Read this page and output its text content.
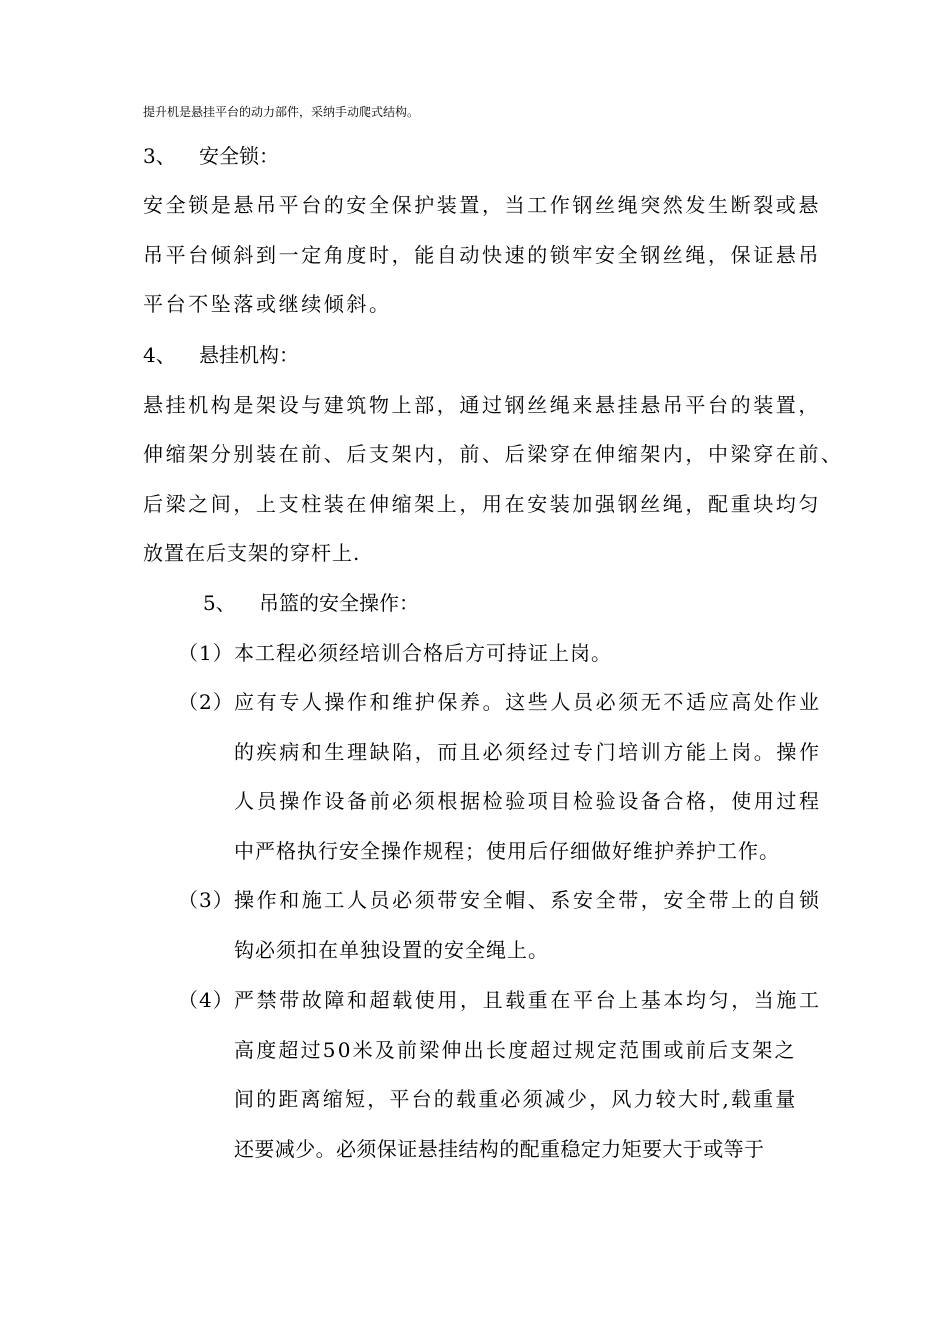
提升机是悬挂平台的动力部件，采纳手动爬式结构。
3、 安全锁：
安全锁是悬吊平台的安全保护装置，当工作钢丝绳突然发生断裂或悬
吊平台倾斜到一定角度时，能自动快速的锁牢安全钢丝绳，保证悬吊
平台不坠落或继续倾斜。
4、 悬挂机构：
悬挂机构是架设与建筑物上部，通过钢丝绳来悬挂悬吊平台的装置，
伸缩架分别装在前、后支架内，前、后梁穿在伸缩架内，中梁穿在前、
后梁之间，上支柱装在伸缩架上，用在安装加强钢丝绳，配重块均匀
放置在后支架的穿杆上.
5、 吊篮的安全操作：
（1） 本工程必须经培训合格后方可持证上岗。
（2） 应有专人操作和维护保养。这些人员必须无不适应高处作业
的疾病和生理缺陷，而且必须经过专门培训方能上岗。操作
人员操作设备前必须根据检验项目检验设备合格，使用过程
中严格执行安全操作规程；使用后仔细做好维护养护工作。
（3） 操作和施工人员必须带安全帽、系安全带，安全带上的自锁
钩必须扣在单独设置的安全绳上。
（4） 严禁带故障和超载使用，且载重在平台上基本均匀，当施工
高度超过50米及前梁伸出长度超过规定范围或前后支架之
间的距离缩短，平台的载重必须减少，风力较大时,载重量
还要减少。必须保证悬挂结构的配重稳定力矩要大于或等于
